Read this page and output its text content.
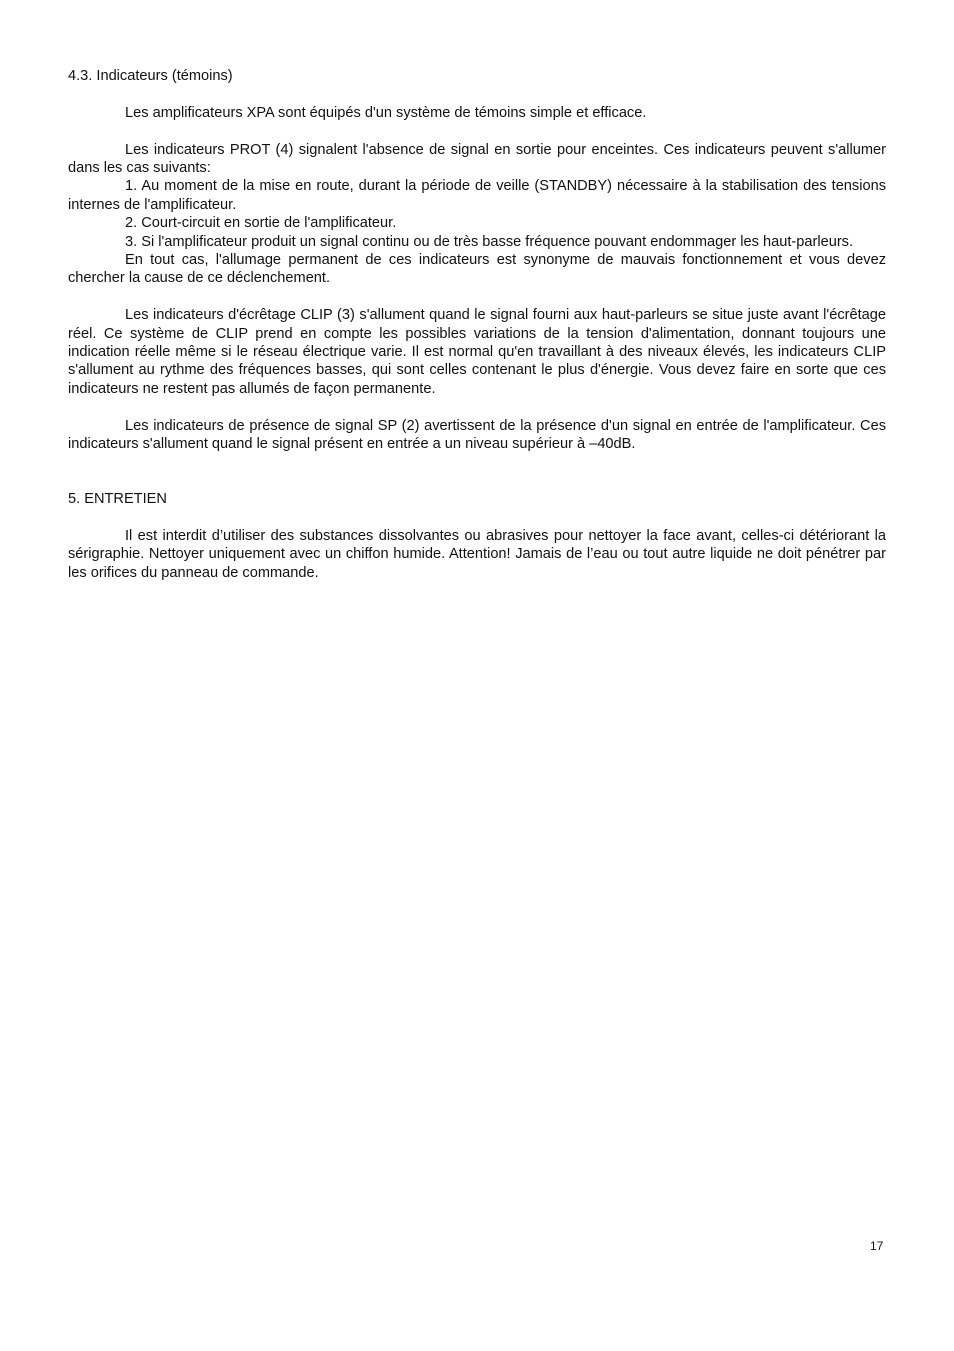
4.3. Indicateurs (témoins)

Les amplificateurs XPA sont équipés d'un système de témoins simple et efficace.

Les indicateurs PROT (4) signalent l'absence de signal en sortie pour enceintes. Ces indicateurs peuvent s'allumer dans les cas suivants:

1. Au moment de la mise en route, durant la période de veille (STANDBY) nécessaire à la stabilisation des tensions internes de l'amplificateur.

2. Court-circuit en sortie de l'amplificateur.

3. Si l'amplificateur produit un signal continu ou de très basse fréquence pouvant endommager les haut-parleurs.

En tout cas, l'allumage permanent de ces indicateurs est synonyme de mauvais fonctionnement et vous devez chercher la cause de ce déclenchement.

Les indicateurs d'écrêtage CLIP (3) s'allument quand le signal fourni aux haut-parleurs se situe juste avant l'écrêtage réel. Ce système de CLIP prend en compte les possibles variations de la tension d'alimentation, donnant toujours une indication réelle même si le réseau électrique varie. Il est normal qu'en travaillant à des niveaux élevés, les indicateurs CLIP s'allument au rythme des fréquences basses, qui sont celles contenant le plus d'énergie. Vous devez faire en sorte que ces indicateurs ne restent pas allumés de façon permanente.

Les indicateurs de présence de signal SP (2) avertissent de la présence d'un signal en entrée de l'amplificateur. Ces indicateurs s'allument quand le signal présent en entrée a un niveau supérieur à –40dB.

5. ENTRETIEN

Il est interdit d’utiliser des substances dissolvantes ou abrasives pour nettoyer la face avant, celles-ci détériorant la sérigraphie. Nettoyer uniquement avec un chiffon humide. Attention! Jamais de l’eau ou tout autre liquide ne doit pénétrer par les orifices du panneau de commande.

17
